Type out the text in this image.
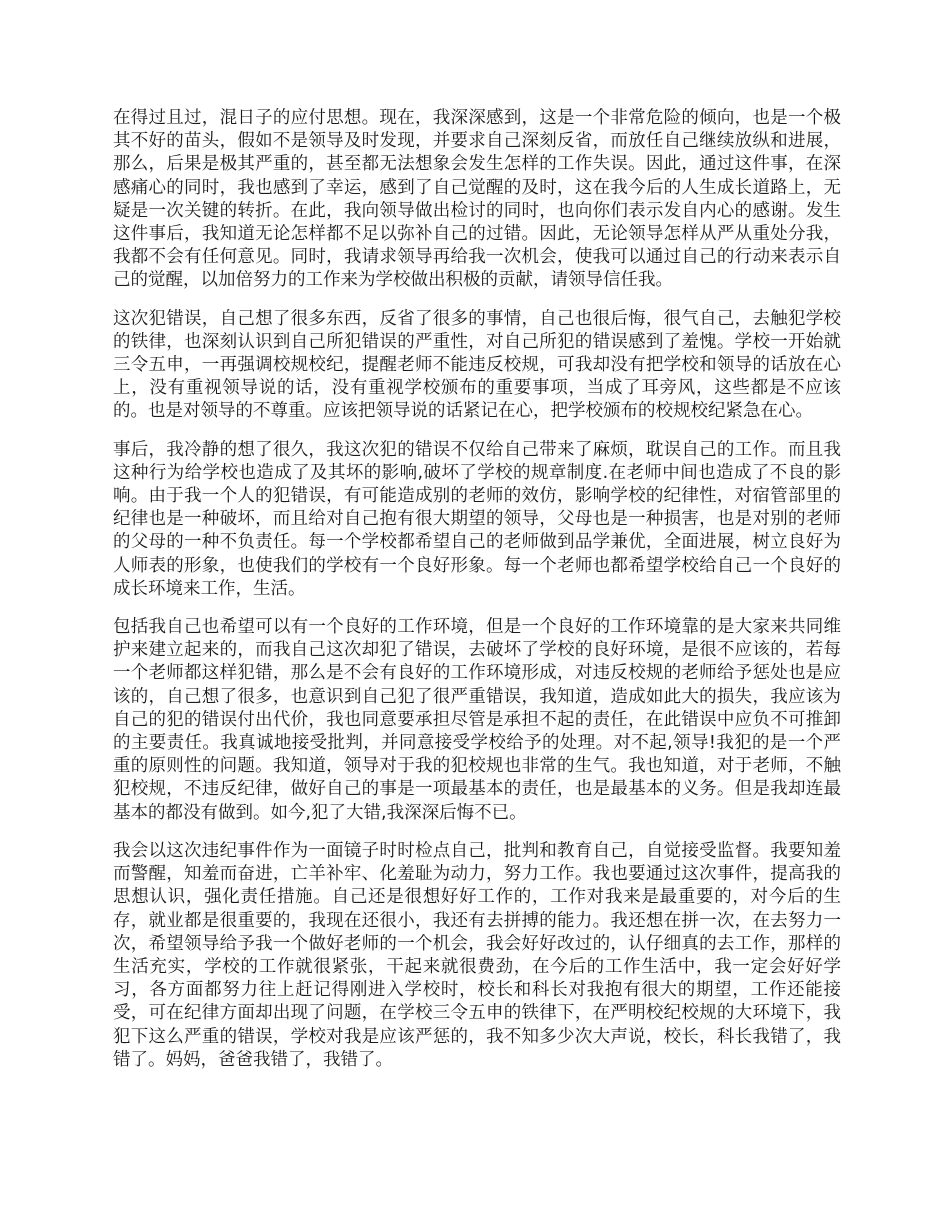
在得过且过，混日子的应付思想。现在，我深深感到，这是一个非常危险的倾向，也是一个极其不好的苗头，假如不是领导及时发现，并要求自己深刻反省，而放任自己继续放纵和进展，那么，后果是极其严重的，甚至都无法想象会发生怎样的工作失误。因此，通过这件事，在深感痛心的同时，我也感到了幸运，感到了自己觉醒的及时，这在我今后的人生成长道路上，无疑是一次关键的转折。在此，我向领导做出检讨的同时，也向你们表示发自内心的感谢。发生这件事后，我知道无论怎样都不足以弥补自己的过错。因此，无论领导怎样从严从重处分我，我都不会有任何意见。同时，我请求领导再给我一次机会，使我可以通过自己的行动来表示自己的觉醒，以加倍努力的工作来为学校做出积极的贡献，请领导信任我。

这次犯错误，自己想了很多东西，反省了很多的事情，自己也很后悔，很气自己，去触犯学校的铁律，也深刻认识到自己所犯错误的严重性，对自己所犯的错误感到了羞愧。学校一开始就三令五申，一再强调校规校纪，提醒老师不能违反校规，可我却没有把学校和领导的话放在心上，没有重视领导说的话，没有重视学校颁布的重要事项，当成了耳旁风，这些都是不应该的。也是对领导的不尊重。应该把领导说的话紧记在心，把学校颁布的校规校纪紧急在心。

事后，我冷静的想了很久，我这次犯的错误不仅给自己带来了麻烦，耽误自己的工作。而且我这种行为给学校也造成了及其坏的影响,破坏了学校的规章制度.在老师中间也造成了不良的影响。由于我一个人的犯错误，有可能造成别的老师的效仿，影响学校的纪律性，对宿管部里的纪律也是一种破坏，而且给对自己抱有很大期望的领导，父母也是一种损害，也是对别的老师的父母的一种不负责任。每一个学校都希望自己的老师做到品学兼优，全面进展，树立良好为人师表的形象，也使我们的学校有一个良好形象。每一个老师也都希望学校给自己一个良好的成长环境来工作，生活。

包括我自己也希望可以有一个良好的工作环境，但是一个良好的工作环境靠的是大家来共同维护来建立起来的，而我自己这次却犯了错误，去破坏了学校的良好环境，是很不应该的，若每一个老师都这样犯错，那么是不会有良好的工作环境形成，对违反校规的老师给予惩处也是应该的，自己想了很多，也意识到自己犯了很严重错误，我知道，造成如此大的损失，我应该为自己的犯的错误付出代价，我也同意要承担尽管是承担不起的责任，在此错误中应负不可推卸的主要责任。我真诚地接受批判，并同意接受学校给予的处理。对不起,领导!我犯的是一个严重的原则性的问题。我知道，领导对于我的犯校规也非常的生气。我也知道，对于老师，不触犯校规，不违反纪律，做好自己的事是一项最基本的责任，也是最基本的义务。但是我却连最基本的都没有做到。如今,犯了大错,我深深后悔不已。

我会以这次违纪事件作为一面镜子时时检点自己，批判和教育自己，自觉接受监督。我要知羞而警醒，知羞而奋进，亡羊补牢、化羞耻为动力，努力工作。我也要通过这次事件，提高我的思想认识，强化责任措施。自己还是很想好好工作的，工作对我来是最重要的，对今后的生存，就业都是很重要的，我现在还很小，我还有去拼搏的能力。我还想在拼一次，在去努力一次，希望领导给予我一个做好老师的一个机会，我会好好改过的，认仔细真的去工作，那样的生活充实，学校的工作就很紧张，干起来就很费劲，在今后的工作生活中，我一定会好好学习，各方面都努力往上赶记得刚进入学校时，校长和科长对我抱有很大的期望，工作还能接受，可在纪律方面却出现了问题，在学校三令五申的铁律下，在严明校纪校规的大环境下，我犯下这么严重的错误，学校对我是应该严惩的，我不知多少次大声说，校长，科长我错了，我错了。妈妈，爸爸我错了，我错了。
